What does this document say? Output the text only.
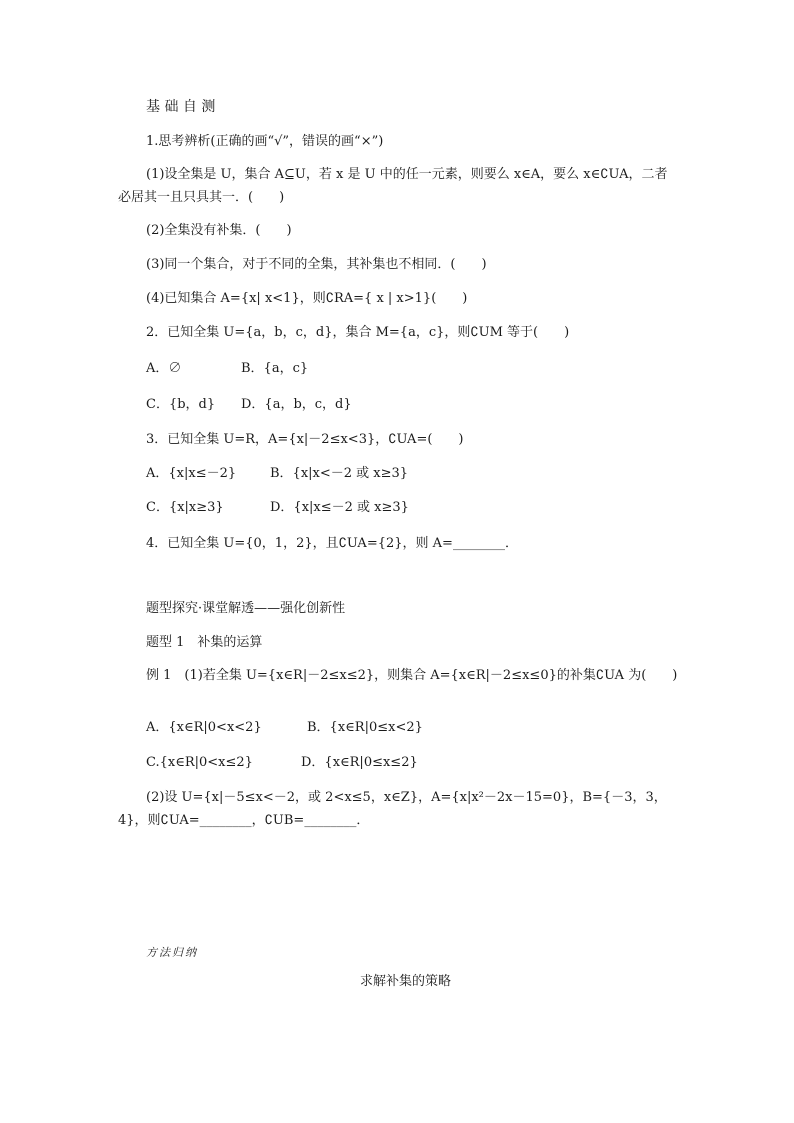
基 础 自 测
1.思考辨析(正确的画“√”，错误的画“×”)
(1)设全集是 U，集合 A⊆U，若 x 是 U 中的任一元素，则要么 x∈A，要么 x∈∁UA，二者必居其一且只具其一．(　　)
(2)全集没有补集．(　　)
(3)同一个集合，对于不同的全集，其补集也不相同．(　　)
(4)已知集合 A={x| x<1}，则∁RA={ x | x>1}(　　)
2．已知全集 U={a，b，c，d}，集合 M={a，c}，则∁UM 等于(　　)
A．∅	B．{a，c}
C．{b，d} D．{a，b，c，d}
3．已知全集 U=R，A={x|－2≤x<3}，∁UA=(　　)
A．{x|x≤－2}	B．{x|x<－2 或 x≥3}
C．{x|x≥3}	D．{x|x≤－2 或 x≥3}
4．已知全集 U={0，1，2}，且∁UA={2}，则 A=________．
题型探究·课堂解透——强化创新性
题型 1　补集的运算
例 1　(1)若全集 U={x∈R|－2≤x≤2}，则集合 A={x∈R|－2≤x≤0}的补集∁UA 为(　　)
A．{x∈R|0<x<2}	B．{x∈R|0≤x<2}
C.{x∈R|0<x≤2}	D．{x∈R|0≤x≤2}
(2)设 U={x|－5≤x<－2，或 2<x≤5，x∈Z}，A={x|x²－2x－15=0}，B={－3，3，4}，则∁UA=________，∁UB=________．
方法归纳
求解补集的策略
